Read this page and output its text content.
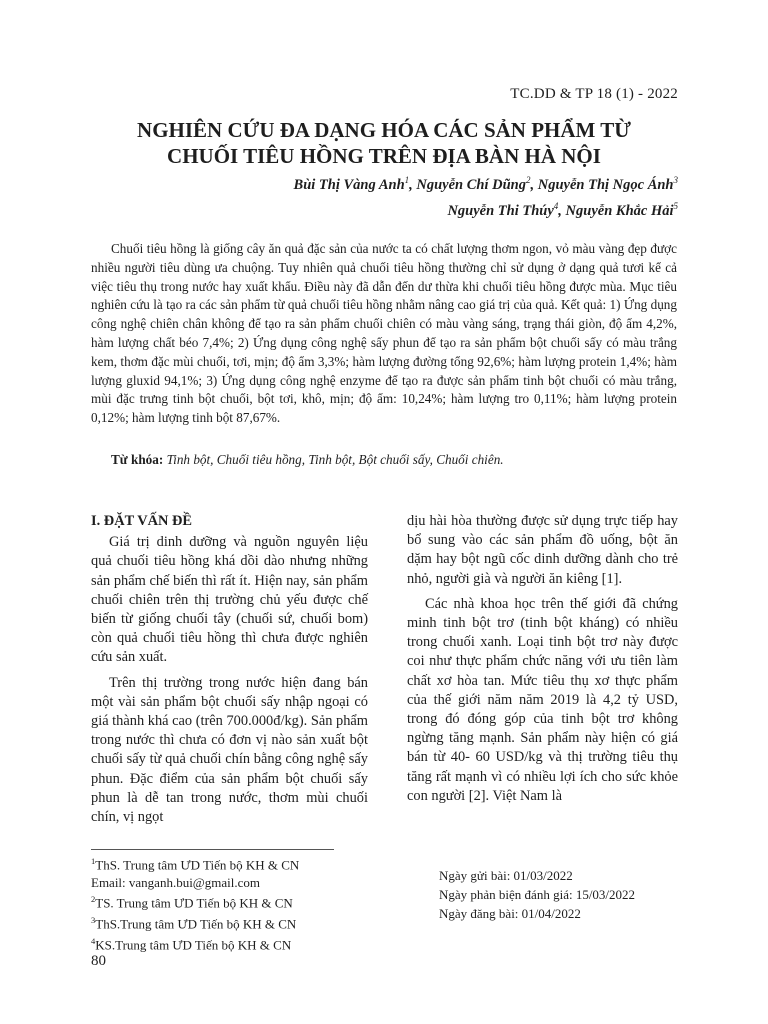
TC.DD & TP 18 (1) - 2022
NGHIÊN CỨU ĐA DẠNG HÓA CÁC SẢN PHẨM TỪ
CHUỐI TIÊU HỒNG TRÊN ĐỊA BÀN HÀ NỘI
Bùi Thị Vàng Anh$^1$, Nguyễn Chí Dũng$^2$, Nguyễn Thị Ngọc Ánh$^3$
Nguyễn Thi Thúy$^4$, Nguyễn Khắc Hải$^5$

Chuối tiêu hồng là giống cây ăn quả đặc sản của nước ta có chất lượng thơm ngon, vỏ màu vàng đẹp được nhiều người tiêu dùng ưa chuộng. Tuy nhiên quả chuối tiêu hồng thường chỉ sử dụng ở dạng quả tươi kể cả việc tiêu thụ trong nước hay xuất khẩu. Điều này đã dẫn đến dư thừa khi chuối tiêu hồng được mùa. Mục tiêu nghiên cứu là tạo ra các sản phẩm từ quả chuối tiêu hồng nhằm nâng cao giá trị của quả. Kết quả: 1) Ứng dụng công nghệ chiên chân không để tạo ra sản phẩm chuối chiên có màu vàng sáng, trạng thái giòn, độ ẩm 4,2%, hàm lượng chất béo 7,4%; 2) Ứng dụng công nghệ sấy phun để tạo ra sản phẩm bột chuối sấy có màu trắng kem, thơm đặc mùi chuối, tơi, mịn; độ ẩm 3,3%; hàm lượng đường tổng 92,6%; hàm lượng protein 1,4%; hàm lượng gluxid 94,1%; 3) Ứng dụng công nghệ enzyme để tạo ra được sản phẩm tinh bột chuối có màu trắng, mùi đặc trưng tinh bột chuối, bột tơi, khô, mịn; độ ẩm: 10,24%; hàm lượng tro 0,11%; hàm lượng protein 0,12%; hàm lượng tinh bột 87,67%.

Từ khóa: Tinh bột, Chuối tiêu hồng, Tinh bột, Bột chuối sấy, Chuối chiên.
I. ĐẶT VẤN ĐỀ

Giá trị dinh dưỡng và nguồn nguyên liệu quả chuối tiêu hồng khá dồi dào nhưng những sản phẩm chế biến thì rất ít. Hiện nay, sản phẩm chuối chiên trên thị trường chủ yếu được chế biến từ giống chuối tây (chuối sứ, chuối bom) còn quả chuối tiêu hồng thì chưa được nghiên cứu sản xuất.

Trên thị trường trong nước hiện đang bán một vài sản phẩm bột chuối sấy nhập ngoại có giá thành khá cao (trên 700.000đ/kg). Sản phẩm trong nước thì chưa có đơn vị nào sản xuất bột chuối sấy từ quả chuối chín bằng công nghệ sấy phun. Đặc điểm của sản phẩm bột chuối sấy phun là dễ tan trong nước, thơm mùi chuối chín, vị ngọt

dịu hài hòa thường được sử dụng trực tiếp hay bổ sung vào các sản phẩm đồ uống, bột ăn dặm hay bột ngũ cốc dinh dưỡng dành cho trẻ nhỏ, người già và người ăn kiêng [1].

Các nhà khoa học trên thế giới đã chứng minh tinh bột trơ (tinh bột kháng) có nhiều trong chuối xanh. Loại tinh bột trơ này được coi như thực phẩm chức năng với ưu tiên làm chất xơ hòa tan. Mức tiêu thụ xơ thực phẩm của thế giới năm năm 2019 là 4,2 tỷ USD, trong đó đóng góp của tinh bột trơ không ngừng tăng mạnh. Sản phẩm này hiện có giá bán từ 40- 60 USD/kg và thị trường tiêu thụ tăng rất mạnh vì có nhiều lợi ích cho sức khỏe con người [2]. Việt Nam là

$^1$ThS. Trung tâm ƯD Tiến bộ KH & CN
Email: vanganh.bui@gmail.com
$^2$TS. Trung tâm ƯD Tiến bộ KH & CN
$^3$ThS.Trung tâm ƯD Tiến bộ KH & CN
$^4$KS.Trung tâm ƯD Tiến bộ KH & CN
Ngày gửi bài: 01/03/2022
Ngày phản biện đánh giá: 15/03/2022
Ngày đăng bài: 01/04/2022
80
